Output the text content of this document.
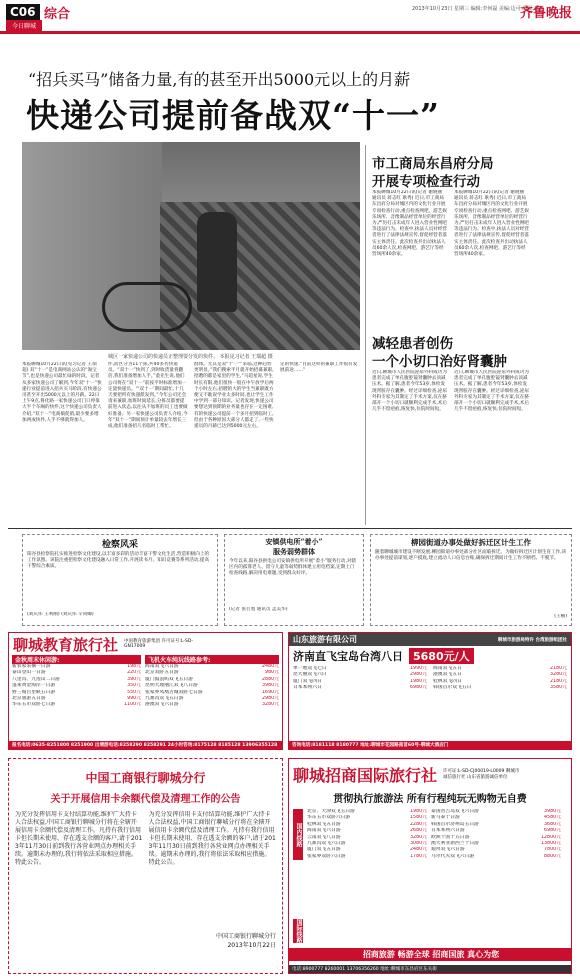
C06 综合
今日聊城
2013年10月23日 星期三 编辑:李何磊 美编:边可 组版:郑芝
齐鲁晚报
“招兵买马”储备力量,有的甚至开出5000元以上的月薪
快递公司提前备战双“十一”
城区一家快递公司的快递员正整理要分发的快件。 本报见习记者 王瑞超 摄
本报聊城10月22日讯(见习记者 王瑞超) 双“十一”是电商网站公认的“淘宝节”,也是快递公司最忙碌的时段。记者从多家快递公司了解到,今年双“十一”快递行业提前进入招兵买马阶段,有快递公司甚至开出5000元以上的月薪。22日上午9点,鲁化路一家快递公司门口停靠大半个车厢的快件,这个快递公司负责人介绍,“双十一”电商搞促销,最少要多增加两成快件,人手不够就得加人。
件,而区分为11个部,共40多名快递员。“双十一”快到了,到时收货量将翻倍,我们准备增加人手。”童先生说,他们公司将在“双十一”前按平时标准增加一定量快递员。“‘双十一’期间最忙,十几天要把所有快递派发到。”今年公司还会请来兼职,加班时间延长,分拣员都要提前进入状态,以往从不加班的员工也要做好准备。另一家快递公司负责人介绍,今年“双十一”期间预计单量较去年增长三成,他们准备招几名临时工帮忙。
群体。尤其是双“十一”“来临,这种趋势更明显。”我们搜索半月就开始招募兼职,招聘的都是家里的学生,“马超星说,学生时长有限,他们很快一般在中午放学后两个小时左右,招聘的大的学生当兼职既方便又不耽误学业太多时间,也让学生工作中学到一部分知识。记者发现,快递公司要想达到预期的业务量也存在一定困难,有的快递公司提前一个多月招到临时工,但由于各种原因大部分人都走了,一些快递员的月薪已达到5000元左右。
定的快递,“目前这样的兼职工作很有发展前途……”
市工商局东昌府分局
开展专项检查行动
本报聊城10月22日讯(记者 谢晓丽 通讯员 蒋志红 耿秀) 近日,市工商局东昌府分局对城区内的文化行业开展专项检查行动,重点检查网吧、游艺娱乐场所、音像制品经营单位的经营行为,严厉打击未成年人进入营业性网吧等违法行为。检查中,执法人员对经营者进行了法律法规宣传,督促经营者落实主体责任。此次检查共出动执法人员60余人次,检查网吧、游艺厅等经营场所40余家。
本报聊城10月22日讯(记者 谢晓丽 通讯员 蒋志红 耿秀) 近日,市工商局东昌府分局对城区内的文化行业开展专项检查行动,重点检查网吧、游艺娱乐场所、音像制品经营单位的经营行为,严厉打击未成年人进入营业性网吧等违法行为。检查中,执法人员对经营者进行了法律法规宣传,督促经营者落实主体责任。此次检查共出动执法人员60余人次,检查网吧、游艺厅等经营场所40余家。
减轻患者创伤
一个小切口治好肾囊肿
近日,聊城市人民医院泌尿外科成功为患者完成了单孔腹腔镜肾囊肿去顶减压术。据了解,患者今年53岁,体检发现肾脏存在囊肿。经过详细检查,泌尿外科专家为其制定了手术方案,仅在脐部开一个小切口就顺利完成手术,术后几乎不留疤痕,恢复快,住院时间短。
近日,聊城市人民医院泌尿外科成功为患者完成了单孔腹腔镜肾囊肿去顶减压术。据了解,患者今年53岁,体检发现肾脏存在囊肿。经过详细检查,泌尿外科专家为其制定了手术方案,仅在脐部开一个小切口就顺利完成手术,术后几乎不留疤痕,恢复快,住院时间短。
检察风采
阳谷县检察院扎实推进检察文化建设,以丰富多彩的活动丰富干警文化生活,营造积极向上的工作氛围。该院注重把检察文化建设融入日常工作,开展读书月、知识竞赛等系列活动,提高干警综合素质。
(刘庆伟 王利刚) (刘庆伟 辛同卿)
安镇供电所“着小”
服务弱势群体
今年以来,阳谷县供电公司安镇供电所开展“着小”服务行动,对辖区内的孤寡老人、留守儿童等弱势群体建立用电档案,定期上门检查线路,解决用电难题,受到群众好评。
(记者 张召旭 通讯员 孟美华)
柳园街道办事处做好拆迁区计生工作
随着聊城城市建设不断发展,柳园街道办事处部分社区面临拆迁。为做好拆迁区计划生育工作,该办事处提前谋划,逐户摸底,建立流动人口信息台账,确保拆迁期间计生工作不断档、不脱节。
(王楠)
聊城教育旅行社 中国教育旅游集团 许可证号:L-SD-GN17009
金秋周末休闲游:
新农家采摘一日游	198元
泰山登山一日游	220元
八里沟、九莲山二日游	390元
蓬莱黄金海岸一日游	350元
野三坡百里峡五日游	550元
北京旅游五日游	990元
华东五市双卧七日游	1100元
飞机火车纯玩线路参考:
海南双飞六日游	2480元
北京双卧五日游	980元
厦门鼓浪屿双飞五日游	2880元
昆明大理丽江双飞八日游	3980元
张家界凤凰古城双卧七日游	1690元
九寨沟双飞五日游	2980元
港澳双飞六日游	3280元
报名电话:0635-8251800 8251900 出境游电话:8258290 8258291 24小时咨询:8175128 8185128 13906355128
山东旅游有限公司	聊城市旅游局特许 台湾旅游组团社
济南直飞宝岛台湾八日 5680元/人
单一地双飞七日	1990元 海南双飞五日	2180元
昆大丽双飞六日	2980元 港澳双飞五日	3280元
厦门双飞四日	1980元 桂林双飞四日	2180元
日本本州六日	6980元 韩国首尔双飞五日	3580元
咨询电话:8181118 8180777 地址:聊城市花园路南首60号-聊城大酒店门
中国工商银行聊城分行
关于开展信用卡余额代偿及清理工作的公告
为充分发挥信用卡支付结算功能,维护广大持卡人合法权益,中国工商银行聊城分行将在全辖开展信用卡余额代偿及清理工作。凡持有我行信用卡但长期未使用、存在透支余额的客户,请于2013年11月30日前到我行各营业网点办理相关手续。逾期未办理的,我行将依法采取相应措施。特此公告。
为充分发挥信用卡支付结算功能,维护广大持卡人合法权益,中国工商银行聊城分行将在全辖开展信用卡余额代偿及清理工作。凡持有我行信用卡但长期未使用、存在透支余额的客户,请于2013年11月30日前到我行各营业网点办理相关手续。逾期未办理的,我行将依法采取相应措施。特此公告。
中国工商银行聊城分行
2013年10月22日
聊城招商国际旅行社 许可证:L-SD-CJ00019-L0009 聊城市诚信旅行社 山东省旅游诚信单位
贯彻执行旅游法 所有行程纯玩无购物无自费
国内线路
北京、天津双飞五日游	1980元
华东五市双卧六日游	1580元
桂林双飞五日游	2280元
海南双飞六日游	2680元
云南双飞八日游	3280元
九寨沟双飞六日游	3080元
厦门双飞五日游	2480元
张家界双卧六日游	1780元
泰国普吉岛双飞六日游	3980元
新马泰十日游	4580元
韩国首尔济州岛五日游	3680元
日本本州六日游	6980元
欧洲十国十五日游	12800元
澳大利亚新西兰十日游	13800元
迪拜双飞六日游	7800元
马尔代夫双飞六日游	8800元
国际线路
招商旅游 畅游全球 招商国旅 真心为您
电话:8900777 8260001 13706356260 地址:聊城市东昌府区东关街
